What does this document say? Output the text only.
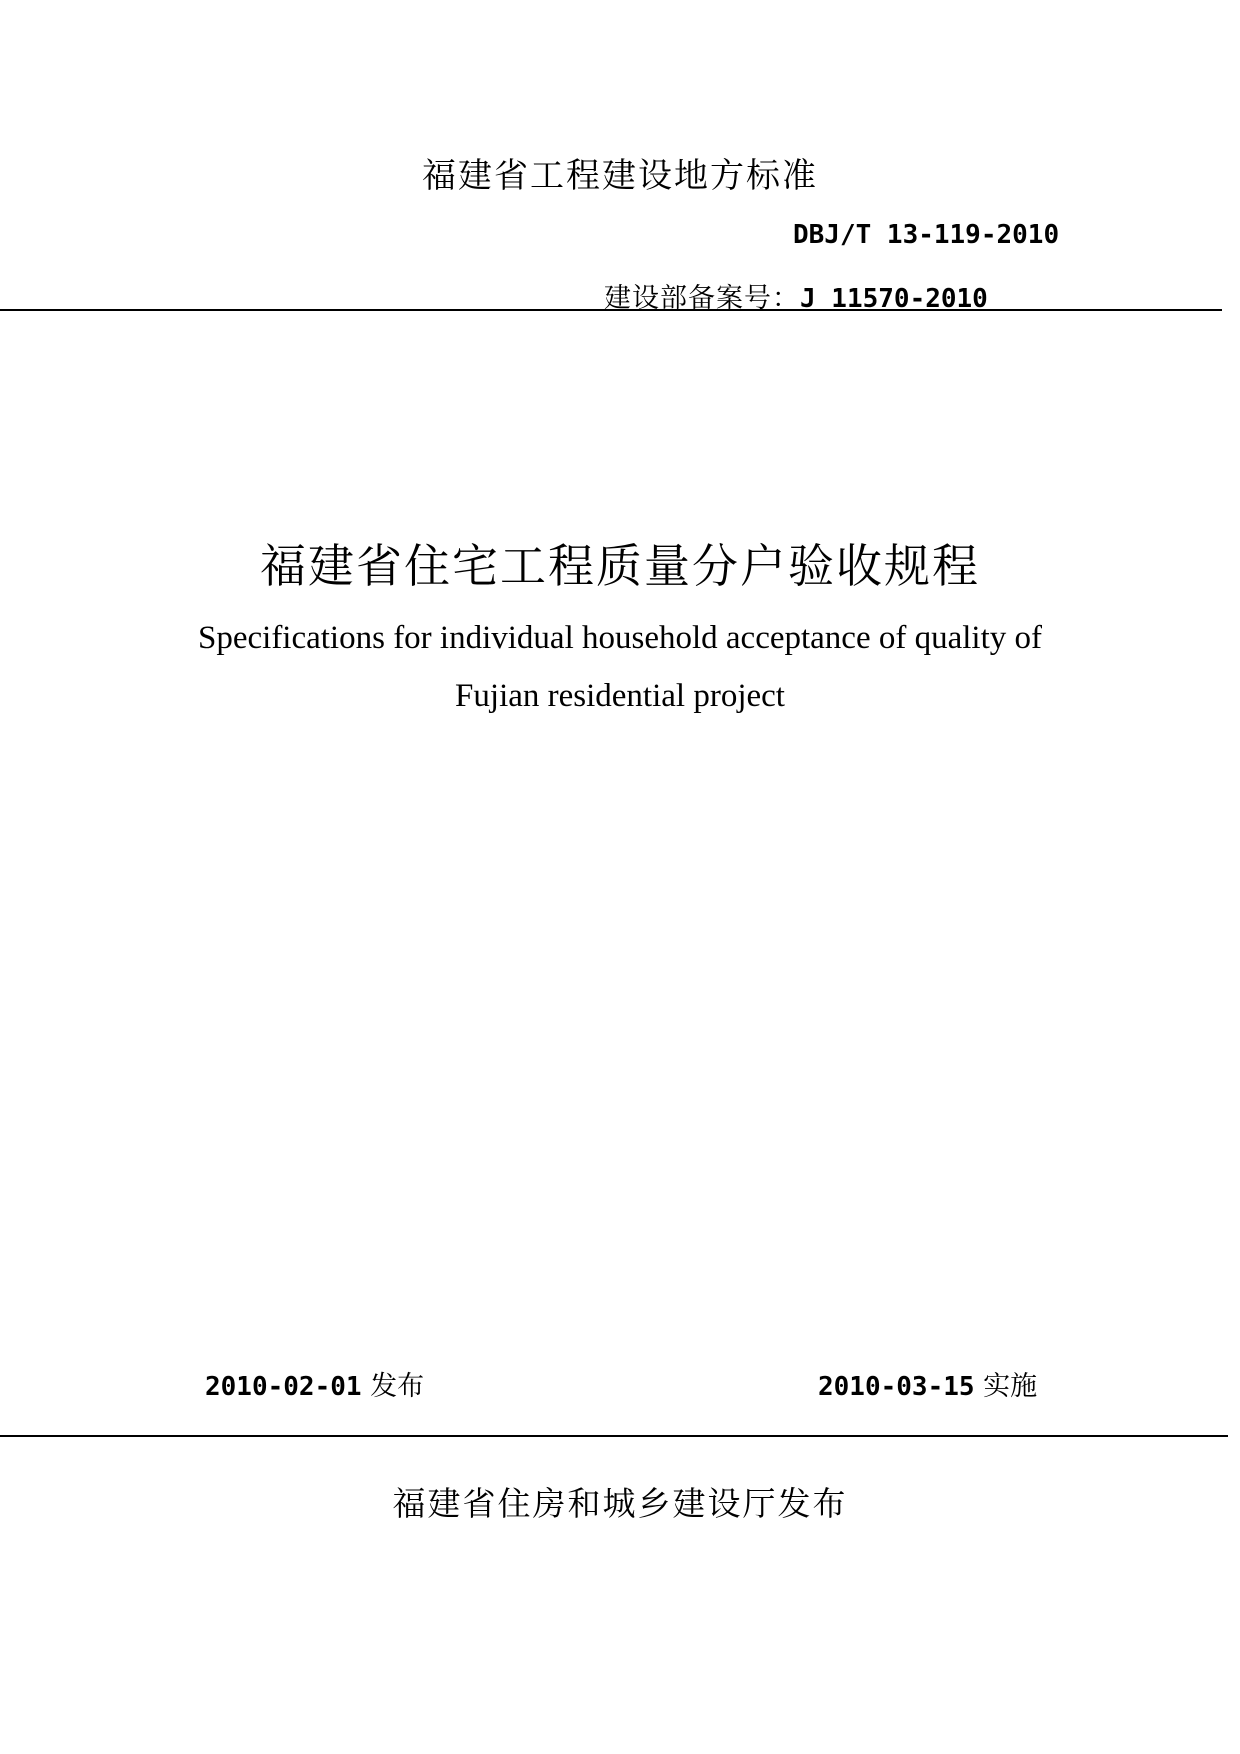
福建省工程建设地方标准
DBJ/T 13-119-2010
建设部备案号：J 11570-2010
福建省住宅工程质量分户验收规程
Specifications for individual household acceptance of quality of
Fujian residential project
2010-02-01 发布	2010-03-15 实施
福建省住房和城乡建设厅发布
